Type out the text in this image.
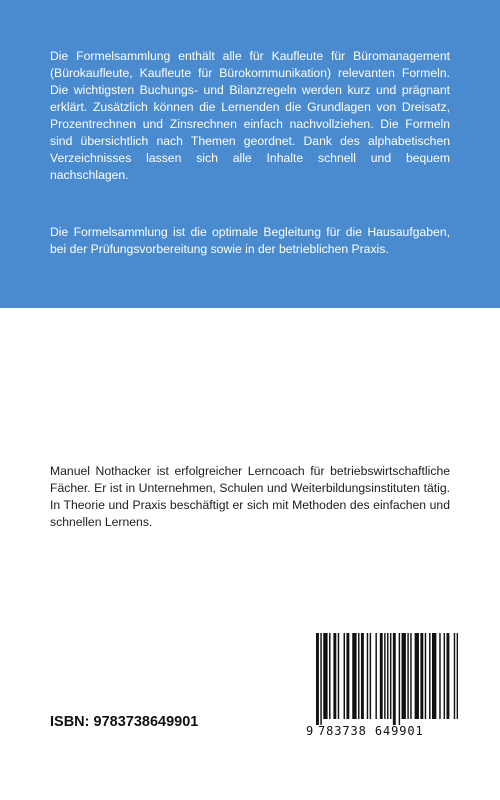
Die Formelsammlung enthält alle für Kaufleute für Büromanagement (Bürokaufleute, Kaufleute für Bürokommunikation) relevanten Formeln. Die wichtigsten Buchungs- und Bilanzregeln werden kurz und prägnant erklärt. Zusätzlich können die Lernenden die Grundlagen von Dreisatz, Prozentrechnen und Zinsrechnen einfach nachvollziehen. Die Formeln sind übersichtlich nach Themen geordnet. Dank des alphabetischen Verzeichnisses lassen sich alle Inhalte schnell und bequem nachschlagen.

Die Formelsammlung ist die optimale Begleitung für die Hausaufgaben, bei der Prüfungsvorbereitung sowie in der betrieblichen Praxis.

Manuel Nothacker ist erfolgreicher Lerncoach für betriebswirtschaftliche Fächer. Er ist in Unternehmen, Schulen und Weiterbildungsinstituten tätig. In Theorie und Praxis beschäftigt er sich mit Methoden des einfachen und schnellen Lernens.

ISBN: 9783738649901

9 783738 649901
